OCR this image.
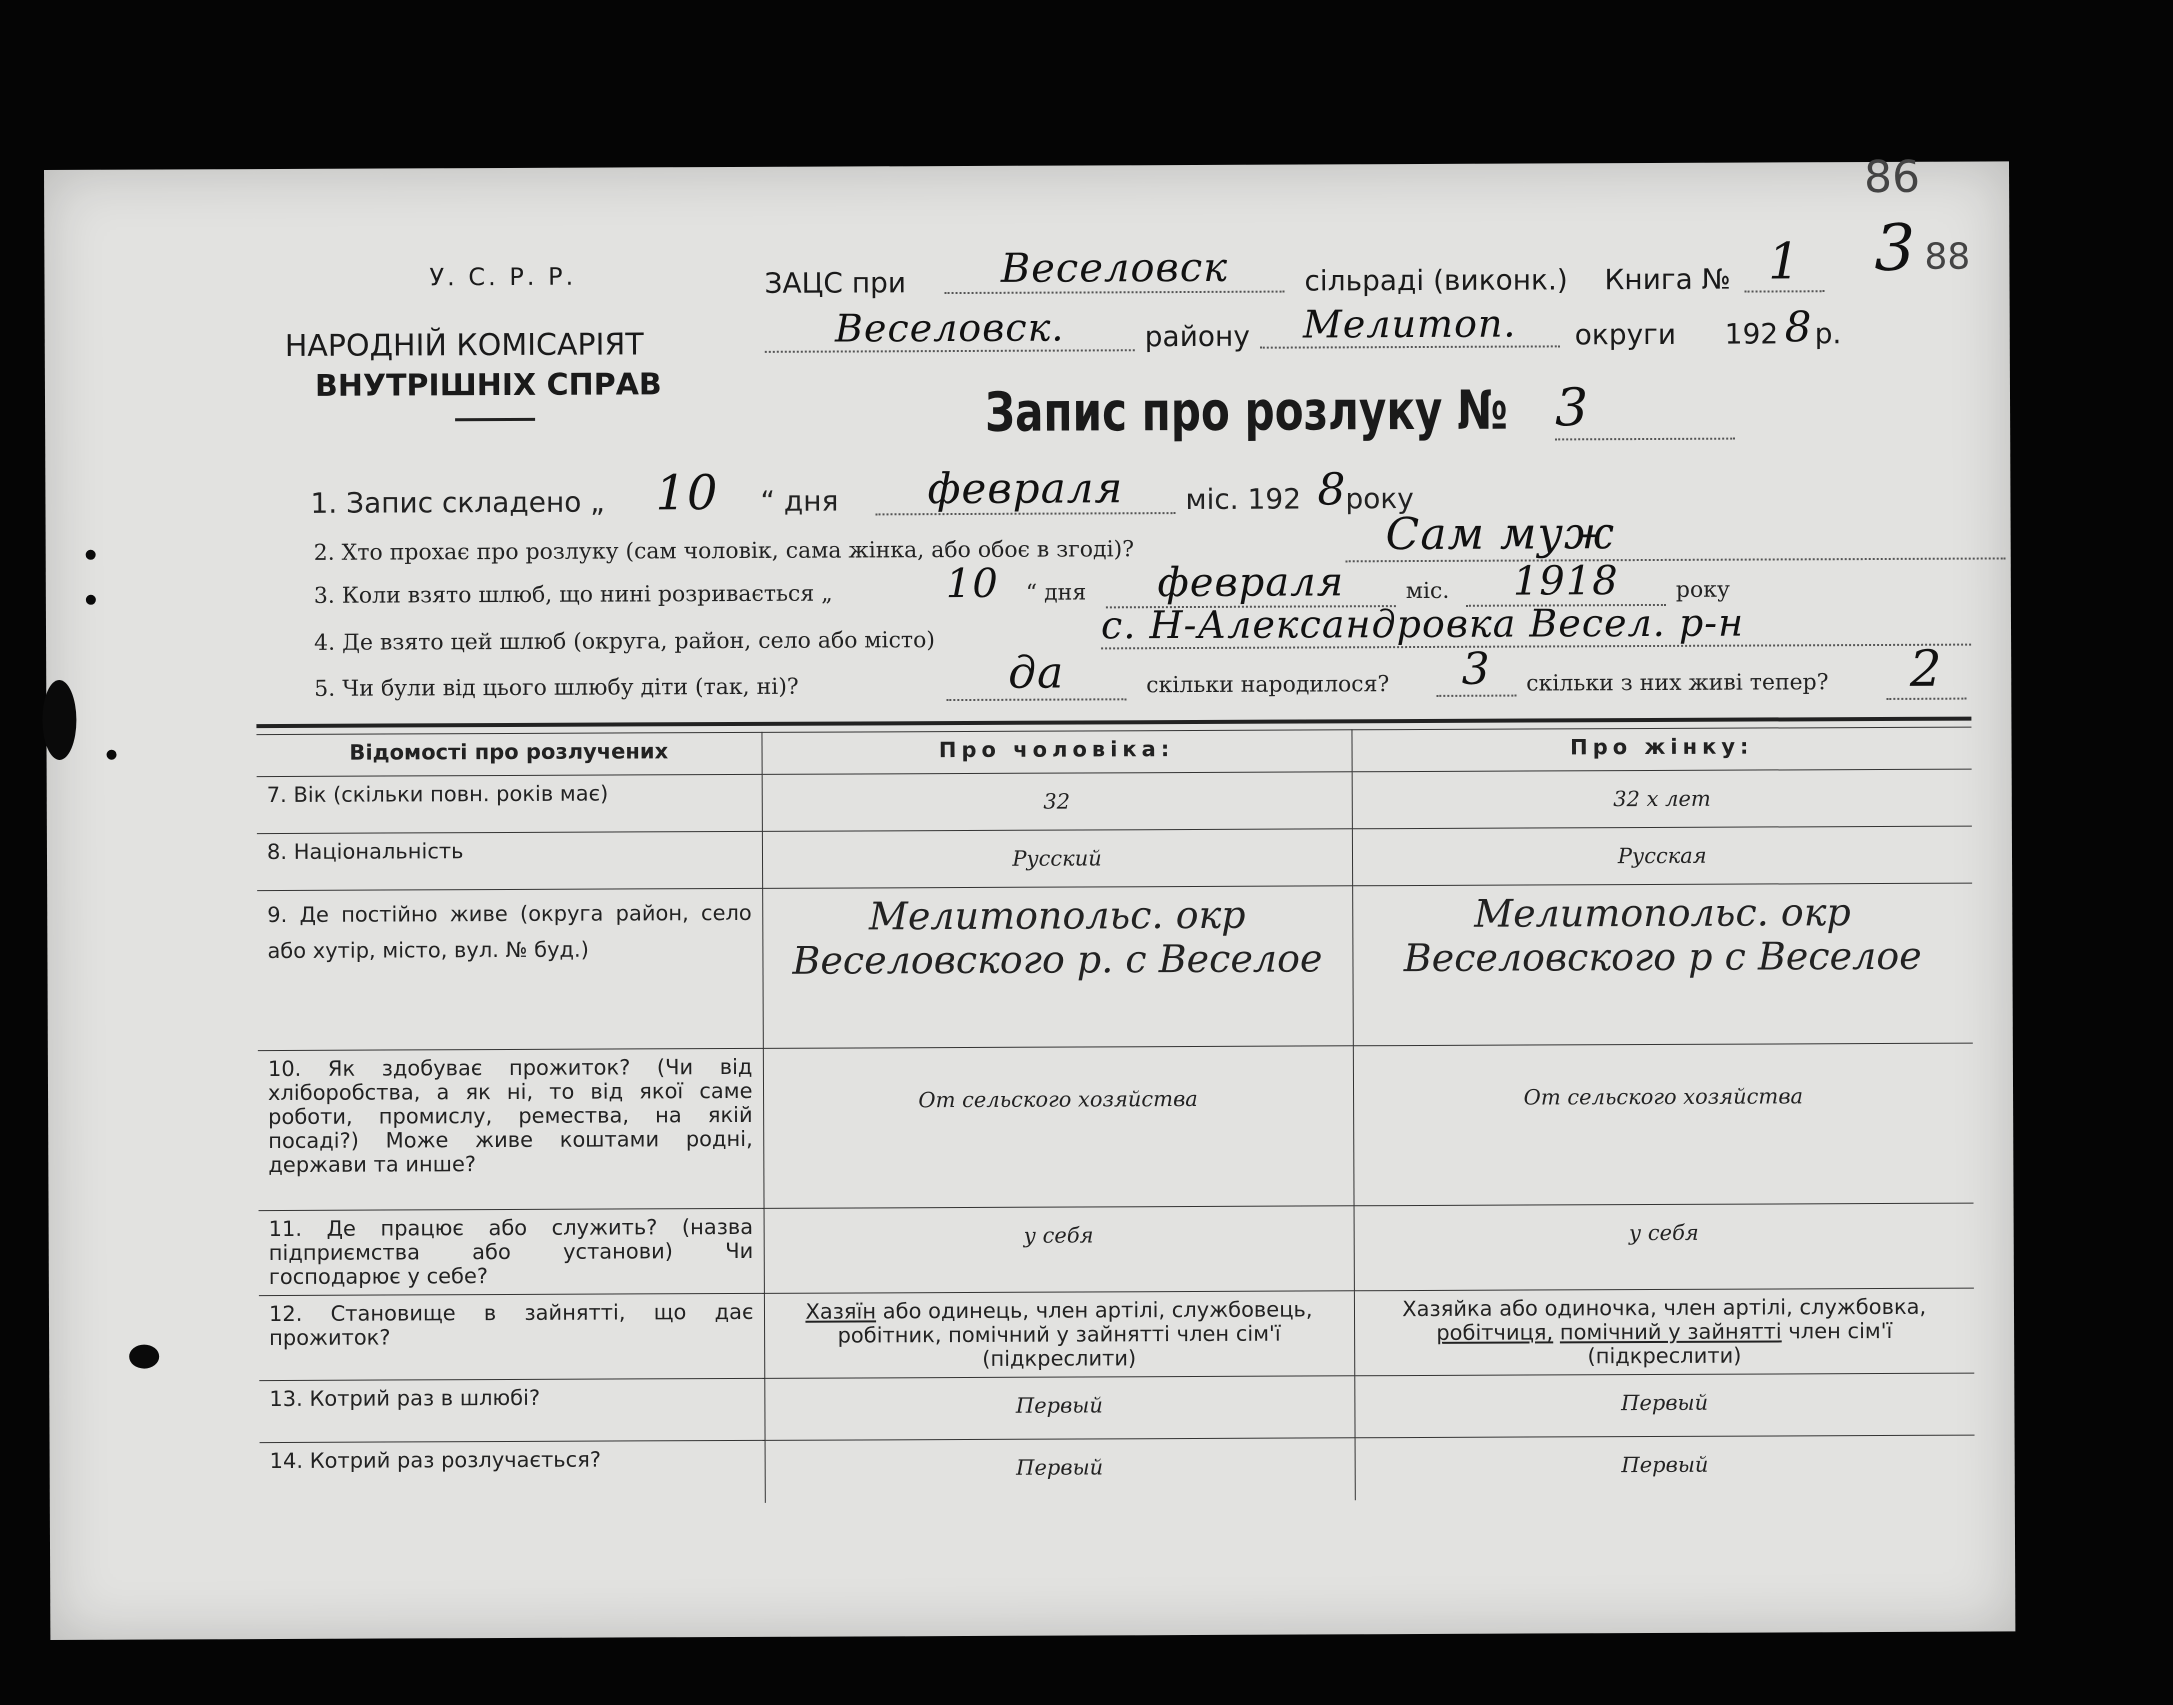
У. С. Р. Р.
НАРОДНІЙ КОМІСАРІЯТ
ВНУТРІШНІХ СПРАВ
ЗАЦС при	Веселовск	сільраді (виконк.) Книга № 1
Веселовск.	району	Мелитоп.	округи 192 8 р.
86
88
3
Запис про розлуку № 3
1. Запис складено „ 10 “ дня	февраля	міс. 192 8
року
2. Хто прохає про розлуку (сам чоловік, сама жінка, або обоє в згоді)?	Сам муж
3. Коли взято шлюб, що нині розривається „	10 “ дня	февраля	міс.	1918	року
4. Де взято цей шлюб (округа, район, село або місто)	с. Н-Александровка Весел. р-н
5. Чи були від цього шлюбу діти (так, ні)?	да	скільки народилося?	3	скільки з них живі тепер?	2
Відомості про розлучених	Про чоловіка:	Про жінку:
7. Вік (скільки повн. років має)	32	32 х лет
8. Національність	Русский	Русская
9. Де постійно живе (округа район, село або хутір, місто, вул. № буд.)	Мелитопольс. окр Веселовского р. с Веселое	Мелитопольс. окр Веселовского р с Веселое
10. Як здобуває прожиток? (Чи від хліборобства, а як ні, то від якої саме роботи, промислу, ремества, на якій посаді?) Може живе коштами родні, держави та инше?	От сельского хозяйства	От сельского хозяйства
11. Де працює або служить? (назва підприємства або установи) Чи господарює у себе?	у себя	у себя
12. Становище в зайнятті, що дає прожиток?	Хазяїн або одинець, член артілі, службовець, робітник, помічний у зайнятті член сім'ї (підкреслити)	Хазяйка або одиночка, член артілі, службовка, робітчиця, помічний у зайнятті член сім'ї (підкреслити)
13. Котрий раз в шлюбі?	Первый	Первый
14. Котрий раз розлучається?	Первый	Первый
